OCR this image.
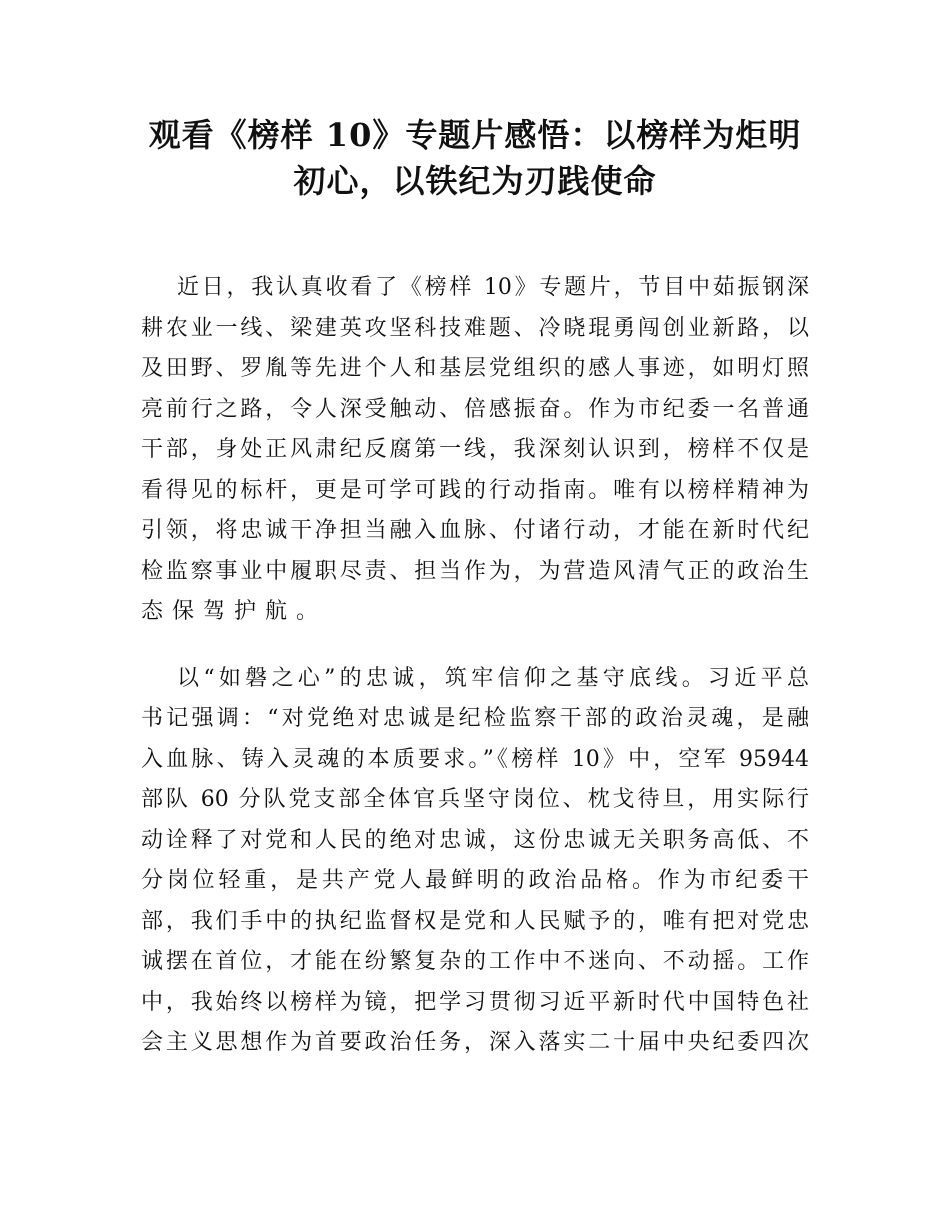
观看《榜样 10》专题片感悟：以榜样为炬明
初心，以铁纪为刃践使命
近日，我认真收看了《榜样 10》专题片，节目中茹振钢深
耕农业一线、梁建英攻坚科技难题、冷晓琨勇闯创业新路，以
及田野、罗胤等先进个人和基层党组织的感人事迹，如明灯照
亮前行之路，令人深受触动、倍感振奋。作为市纪委一名普通
干部，身处正风肃纪反腐第一线，我深刻认识到，榜样不仅是
看得见的标杆，更是可学可践的行动指南。唯有以榜样精神为
引领，将忠诚干净担当融入血脉、付诸行动，才能在新时代纪
检监察事业中履职尽责、担当作为，为营造风清气正的政治生
态保驾护航。
以“如磐之心”的忠诚，筑牢信仰之基守底线。习近平总
书记强调：“对党绝对忠诚是纪检监察干部的政治灵魂，是融
入血脉、铸入灵魂的本质要求。”《榜样 10》中，空军 95944
部队 60 分队党支部全体官兵坚守岗位、枕戈待旦，用实际行
动诠释了对党和人民的绝对忠诚，这份忠诚无关职务高低、不
分岗位轻重，是共产党人最鲜明的政治品格。作为市纪委干
部，我们手中的执纪监督权是党和人民赋予的，唯有把对党忠
诚摆在首位，才能在纷繁复杂的工作中不迷向、不动摇。工作
中，我始终以榜样为镜，把学习贯彻习近平新时代中国特色社
会主义思想作为首要政治任务，深入落实二十届中央纪委四次
